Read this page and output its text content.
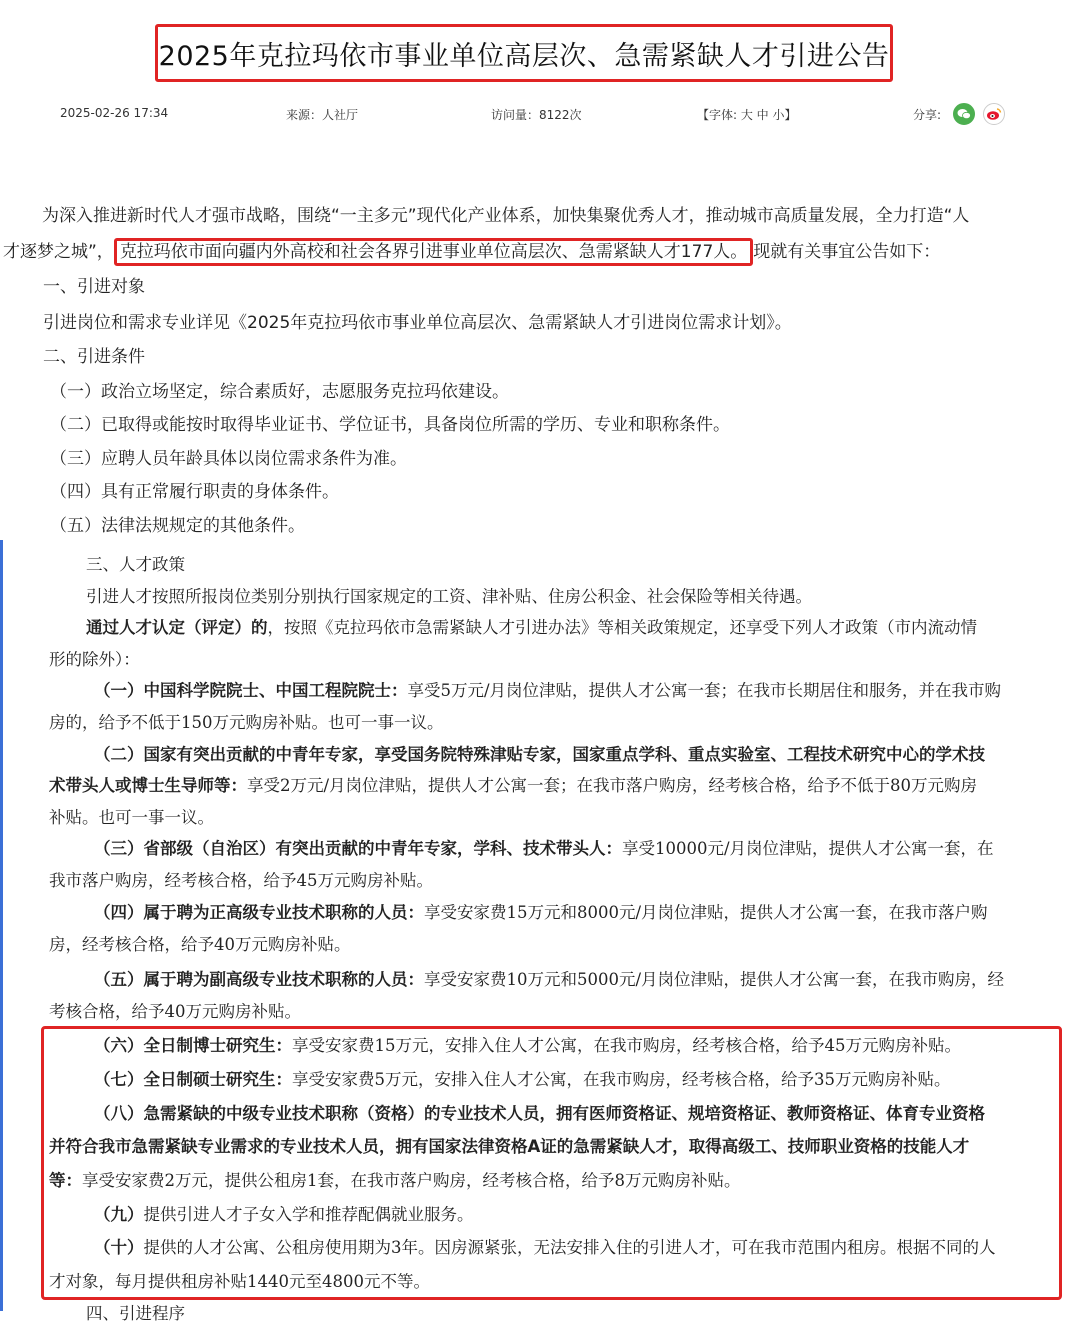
2025年克拉玛依市事业单位高层次、急需紧缺人才引进公告
2025-02-26 17:34	来源：人社厅	访问量：8122次	【字体: 大 中 小】	分享:
为深入推进新时代人才强市战略，围绕“一主多元”现代化产业体系，加快集聚优秀人才，推动城市高质量发展，全力打造“人
才逐梦之城”， 克拉玛依市面向疆内外高校和社会各界引进事业单位高层次、急需紧缺人才177人。 现就有关事宜公告如下：
一、引进对象
引进岗位和需求专业详见《2025年克拉玛依市事业单位高层次、急需紧缺人才引进岗位需求计划》。
二、引进条件
（一）政治立场坚定，综合素质好，志愿服务克拉玛依建设。
（二）已取得或能按时取得毕业证书、学位证书，具备岗位所需的学历、专业和职称条件。
（三）应聘人员年龄具体以岗位需求条件为准。
（四）具有正常履行职责的身体条件。
（五）法律法规规定的其他条件。
三、人才政策
引进人才按照所报岗位类别分别执行国家规定的工资、津补贴、住房公积金、社会保险等相关待遇。
通过人才认定（评定）的，按照《克拉玛依市急需紧缺人才引进办法》等相关政策规定，还享受下列人才政策（市内流动情
形的除外）：
（一）中国科学院院士、中国工程院院士：享受5万元/月岗位津贴，提供人才公寓一套；在我市长期居住和服务，并在我市购
房的，给予不低于150万元购房补贴。也可一事一议。
（二）国家有突出贡献的中青年专家，享受国务院特殊津贴专家，国家重点学科、重点实验室、工程技术研究中心的学术技
术带头人或博士生导师等：享受2万元/月岗位津贴，提供人才公寓一套；在我市落户购房，经考核合格，给予不低于80万元购房
补贴。也可一事一议。
（三）省部级（自治区）有突出贡献的中青年专家，学科、技术带头人：享受10000元/月岗位津贴，提供人才公寓一套，在
我市落户购房，经考核合格，给予45万元购房补贴。
（四）属于聘为正高级专业技术职称的人员：享受安家费15万元和8000元/月岗位津贴，提供人才公寓一套，在我市落户购
房，经考核合格，给予40万元购房补贴。
（五）属于聘为副高级专业技术职称的人员：享受安家费10万元和5000元/月岗位津贴，提供人才公寓一套，在我市购房，经
考核合格，给予40万元购房补贴。
（六）全日制博士研究生：享受安家费15万元，安排入住人才公寓，在我市购房，经考核合格，给予45万元购房补贴。
（七）全日制硕士研究生：享受安家费5万元，安排入住人才公寓，在我市购房，经考核合格，给予35万元购房补贴。
（八）急需紧缺的中级专业技术职称（资格）的专业技术人员，拥有医师资格证、规培资格证、教师资格证、体育专业资格
并符合我市急需紧缺专业需求的专业技术人员，拥有国家法律资格A证的急需紧缺人才，取得高级工、技师职业资格的技能人才
等：享受安家费2万元，提供公租房1套，在我市落户购房，经考核合格，给予8万元购房补贴。
（九）提供引进人才子女入学和推荐配偶就业服务。
（十）提供的人才公寓、公租房使用期为3年。因房源紧张，无法安排入住的引进人才，可在我市范围内租房。根据不同的人
才对象，每月提供租房补贴1440元至4800元不等。
四、引进程序
